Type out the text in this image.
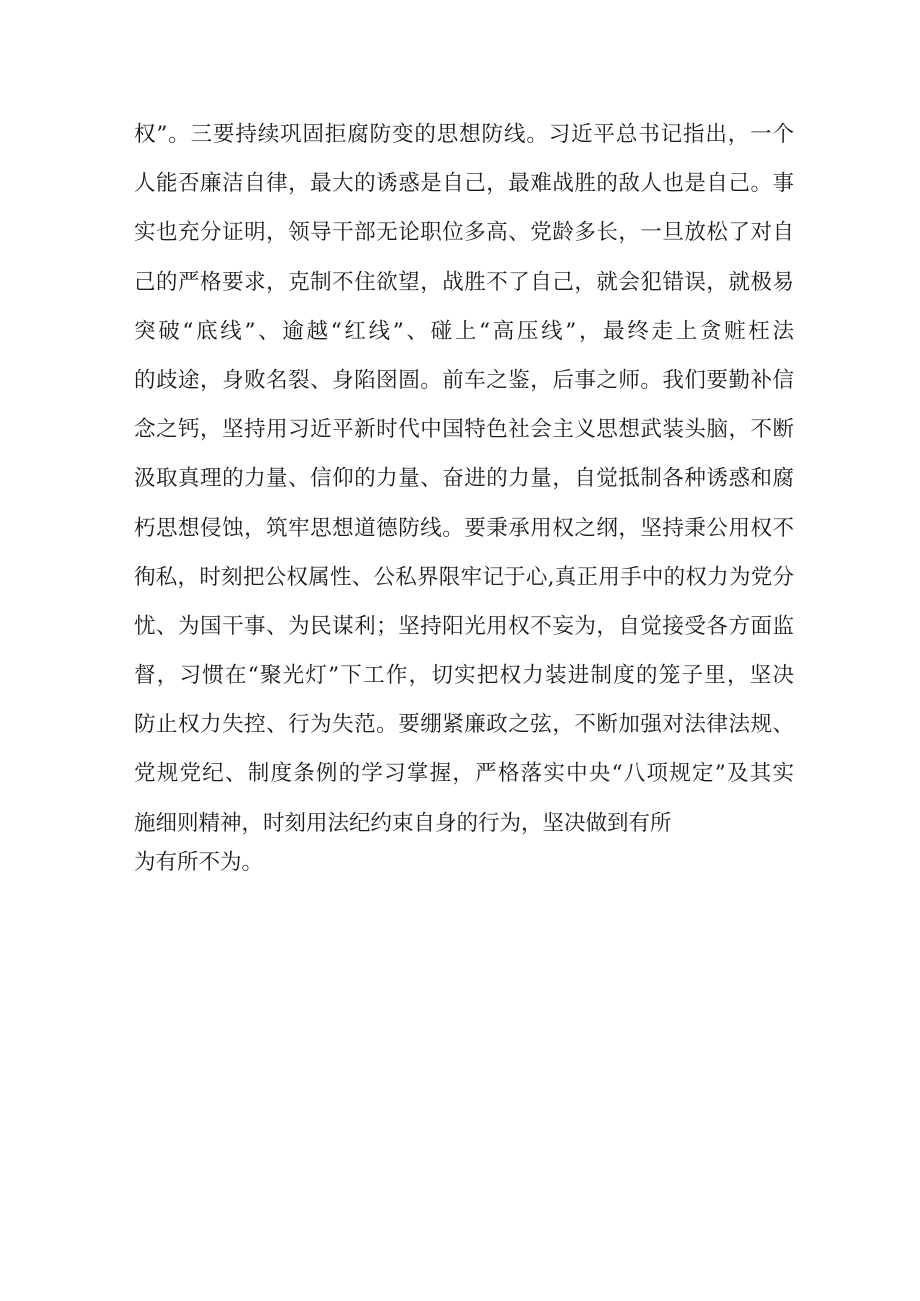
权”。三要持续巩固拒腐防变的思想防线。习近平总书记指出，一个
人能否廉洁自律，最大的诱惑是自己，最难战胜的敌人也是自己。事
实也充分证明，领导干部无论职位多高、党龄多长，一旦放松了对自
己的严格要求，克制不住欲望，战胜不了自己，就会犯错误，就极易
突破“底线”、逾越“红线”、碰上“高压线”，最终走上贪赃枉法
的歧途，身败名裂、身陷囹圄。前车之鉴，后事之师。我们要勤补信
念之钙，坚持用习近平新时代中国特色社会主义思想武装头脑，不断
汲取真理的力量、信仰的力量、奋进的力量，自觉抵制各种诱惑和腐
朽思想侵蚀，筑牢思想道德防线。要秉承用权之纲，坚持秉公用权不
徇私，时刻把公权属性、公私界限牢记于心,真正用手中的权力为党分
忧、为国干事、为民谋利；坚持阳光用权不妄为，自觉接受各方面监
督，习惯在“聚光灯”下工作，切实把权力装进制度的笼子里，坚决
防止权力失控、行为失范。要绷紧廉政之弦，不断加强对法律法规、
党规党纪、制度条例的学习掌握，严格落实中央“八项规定”及其实
施细则精神，时刻用法纪约束自身的行为，坚决做到有所
为有所不为。
